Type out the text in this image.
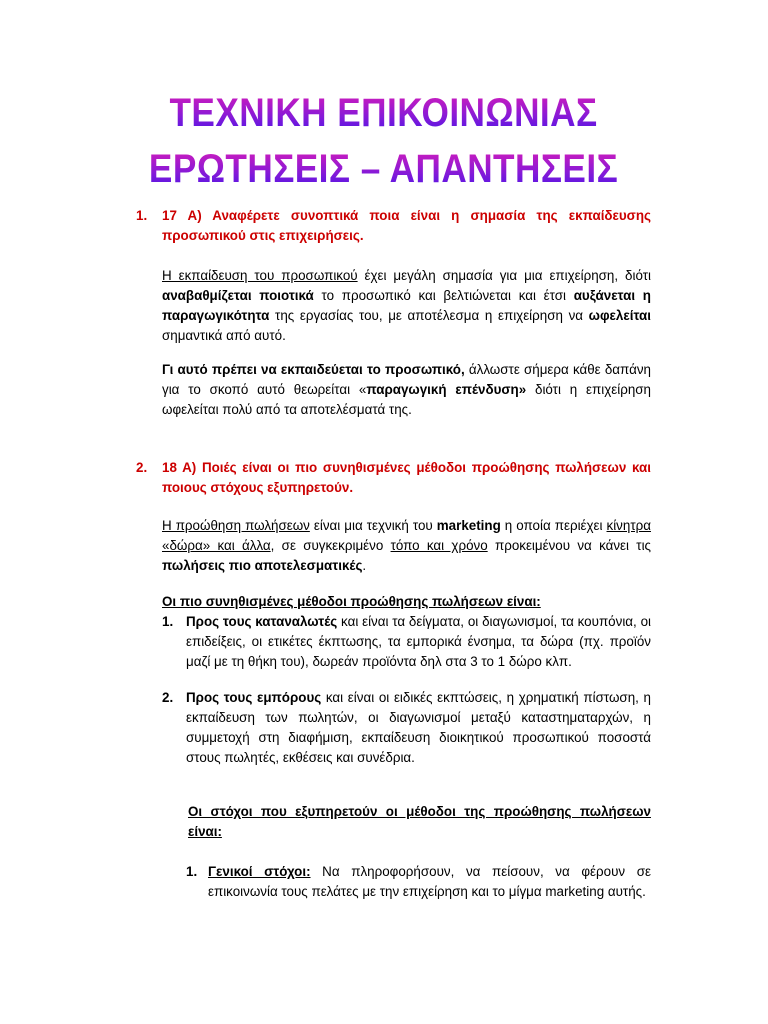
ΤΕΧΝΙΚΗ ΕΠΙΚΟΙΝΩΝΙΑΣ
ΕΡΩΤΗΣΕΙΣ – ΑΠΑΝΤΗΣΕΙΣ
1. 17 Α) Αναφέρετε συνοπτικά ποια είναι η σημασία της εκπαίδευσης προσωπικού στις επιχειρήσεις.
Η εκπαίδευση του προσωπικού έχει μεγάλη σημασία για μια επιχείρηση, διότι αναβαθμίζεται ποιοτικά το προσωπικό και βελτιώνεται και έτσι αυξάνεται η παραγωγικότητα της εργασίας του, με αποτέλεσμα η επιχείρηση να ωφελείται σημαντικά από αυτό.
Γι αυτό πρέπει να εκπαιδεύεται το προσωπικό, άλλωστε σήμερα κάθε δαπάνη για το σκοπό αυτό θεωρείται «παραγωγική επένδυση» διότι η επιχείρηση ωφελείται πολύ από τα αποτελέσματά της.
2. 18 Α) Ποιές είναι οι πιο συνηθισμένες μέθοδοι προώθησης πωλήσεων και ποιους στόχους εξυπηρετούν.
Η προώθηση πωλήσεων είναι μια τεχνική του marketing η οποία περιέχει κίνητρα «δώρα» και άλλα, σε συγκεκριμένο τόπο και χρόνο προκειμένου να κάνει τις πωλήσεις πιο αποτελεσματικές.
Οι πιο συνηθισμένες μέθοδοι προώθησης πωλήσεων είναι:
1. Προς τους καταναλωτές και είναι τα δείγματα, οι διαγωνισμοί, τα κουπόνια, οι επιδείξεις, οι ετικέτες έκπτωσης, τα εμπορικά ένσημα, τα δώρα (πχ. προϊόν μαζί με τη θήκη του), δωρεάν προϊόντα δηλ στα 3 το 1 δώρο κλπ.
2. Προς τους εμπόρους και είναι οι ειδικές εκπτώσεις, η χρηματική πίστωση, η εκπαίδευση των πωλητών, οι διαγωνισμοί μεταξύ καταστηματαρχών, η συμμετοχή στη διαφήμιση, εκπαίδευση διοικητικού προσωπικού ποσοστά στους πωλητές, εκθέσεις και συνέδρια.
Οι στόχοι που εξυπηρετούν οι μέθοδοι της προώθησης πωλήσεων είναι:
1. Γενικοί στόχοι: Να πληροφορήσουν, να πείσουν, να φέρουν σε επικοινωνία τους πελάτες με την επιχείρηση και το μίγμα marketing αυτής.
